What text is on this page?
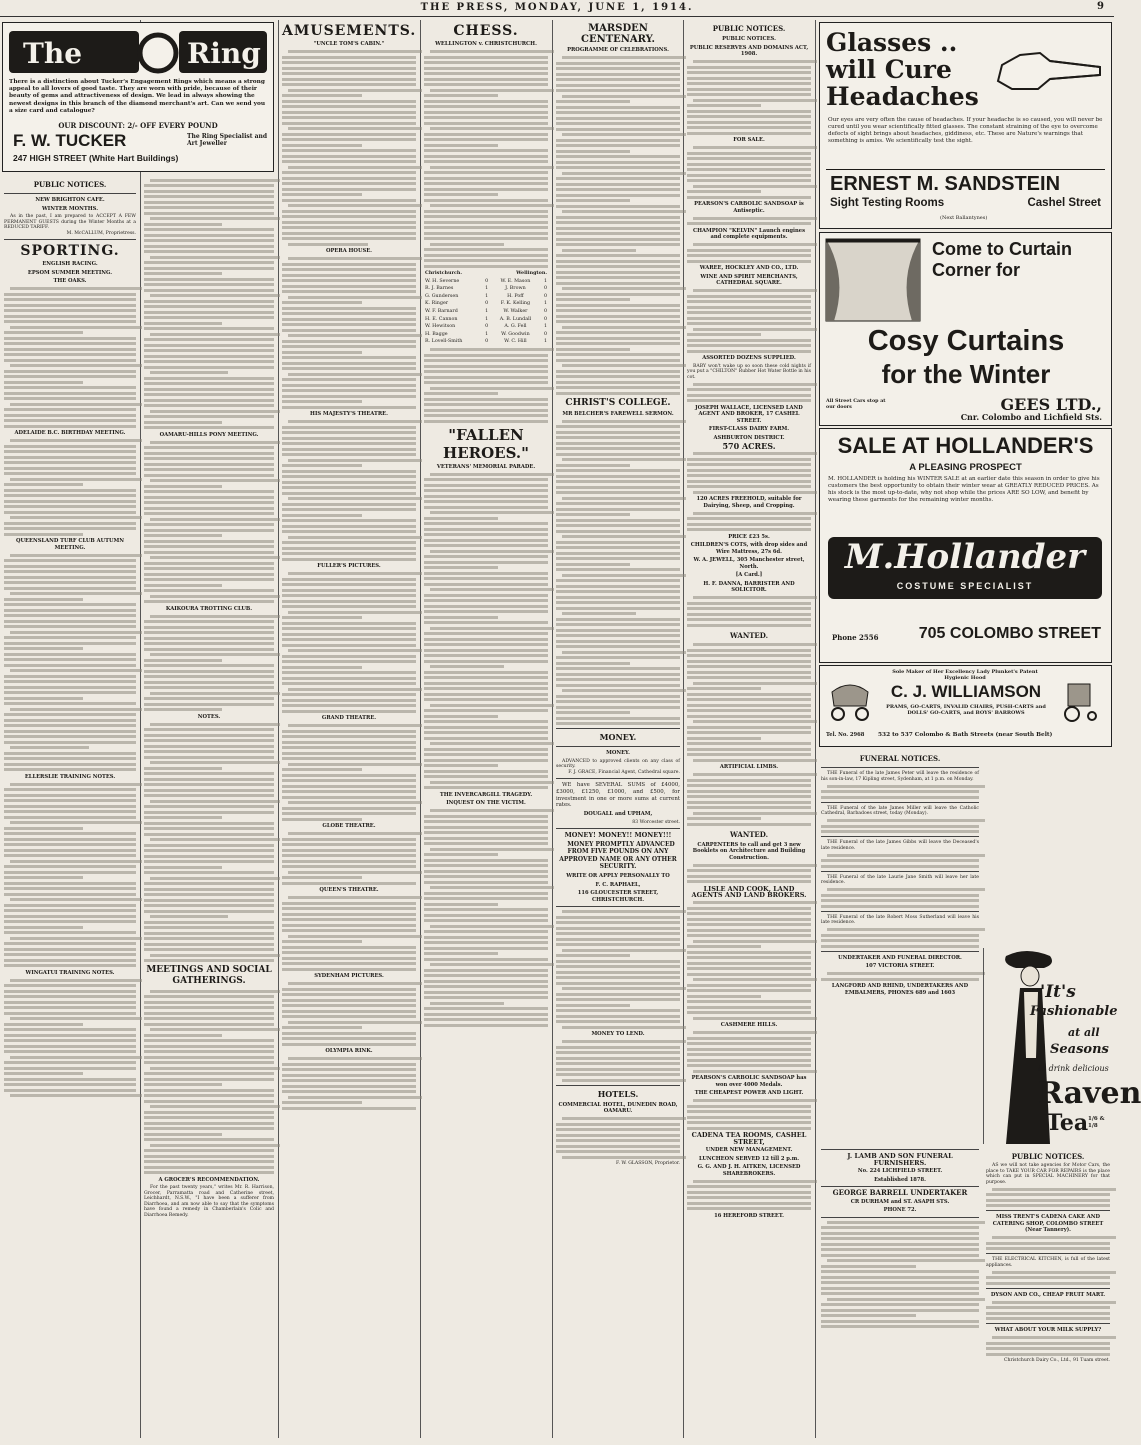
THE PRESS, MONDAY, JUNE 1, 1914.	9
The	Ring
There is a distinction about Tucker's Engagement Rings which means a strong appeal to all lovers of good taste. They are worn with pride, because of their beauty of gems and attractiveness of design. We lead in always showing the newest designs in this branch of the diamond merchant's art. Can we send you a size card and catalogue?
OUR DISCOUNT: 2/- OFF EVERY POUND
F. W. TUCKER	The Ring Specialist and Art Jeweller
247 HIGH STREET (White Hart Buildings)
PUBLIC NOTICES.
NEW BRIGHTON CAFE.
WINTER MONTHS.

As in the past, I am prepared to ACCEPT A FEW PERMANENT GUESTS during the Winter Months at a REDUCED TARIFF.

M. McCALLUM, Proprietress.
SPORTING.
ENGLISH RACING.
EPSOM SUMMER MEETING.
THE OAKS.
ADELAIDE B.C. BIRTHDAY MEETING.
QUEENSLAND TURF CLUB AUTUMN MEETING.
ELLERSLIE TRAINING NOTES.
WINGATUI TRAINING NOTES.
OAMARU-HILLS PONY MEETING.
KAIKOURA TROTTING CLUB.
NOTES.
MEETINGS AND SOCIAL GATHERINGS.
A GROCER'S RECOMMENDATION.

For the past twenty years," writes Mr. R. Harrison, Grocer, Parramatta road and Catherine street, Leichhardt, N.S.W., "I have been a sufferer from Diarrhoea, and am now able to say that the symptoms have found a remedy in Chamberlain's Colic and Diarrhoea Remedy.

AMUSEMENTS.
"UNCLE TOM'S CABIN."
OPERA HOUSE.
HIS MAJESTY'S THEATRE.
FULLER'S PICTURES.
GRAND THEATRE.
GLOBE THEATRE.
QUEEN'S THEATRE.
SYDENHAM PICTURES.
OLYMPIA RINK.
CHESS.
WELLINGTON v. CHRISTCHURCH.
Christchurch.		Wellington.	
W. H. Severne	0	W. E. Mason	1
R. J. Barnes	1	J. Brown	0
G. Gundersen	1	H. Poff	0
K. Ringer	0	F. K. Kelling	1
W. F. Barnard	1	W. Walker	0
H. E. Cannon	1	A. B. Lundall	0
W. Hewitson	0	A. G. Fell	1
H. Bagge	1	W. Goodwin	0
R. Lovell-Smith	0	W. C. Hill	1
"FALLEN HEROES."
VETERANS' MEMORIAL PARADE.
THE INVERCARGILL TRAGEDY.
INQUEST ON THE VICTIM.
MARSDEN CENTENARY.
PROGRAMME OF CELEBRATIONS.
CHRIST'S COLLEGE.
MR BELCHER'S FAREWELL SERMON.
MONEY.
MONEY.

ADVANCED to approved clients on any class of security.

F. J. GRACE, Financial Agent, Cathedral square.

WE have SEVERAL SUMS of £4000, £3000, £1250, £1000, and £500, for investment in one or more sums at current rates.

DOUGALL and UPHAM,
83 Worcester street.
MONEY! MONEY!! MONEY!!!

MONEY PROMPTLY ADVANCED FROM FIVE POUNDS ON ANY APPROVED NAME OR ANY OTHER SECURITY.

WRITE OR APPLY PERSONALLY TO
F. C. RAPHAEL,
116 GLOUCESTER STREET, CHRISTCHURCH.
MONEY TO LEND.
HOTELS.
COMMERCIAL HOTEL, DUNEDIN ROAD, OAMARU.
F. W. GLASSON, Proprietor.
PUBLIC NOTICES.
PUBLIC NOTICES.
PUBLIC RESERVES AND DOMAINS ACT, 1908.
FOR SALE.
PEARSON'S CARBOLIC SANDSOAP is Antiseptic.
CHAMPION "KELVIN" Launch engines and complete equipments.
WAREE, HOCKLEY AND CO., LTD.
WINE AND SPIRIT MERCHANTS, CATHEDRAL SQUARE.
ASSORTED DOZENS SUPPLIED.

BABY won't wake up so soon these cold nights if you put a "CHILTON" Rubber Hot Water Bottle in his cot.

JOSEPH WALLACE, LICENSED LAND AGENT AND BROKER, 17 CASHEL STREET.
FIRST-CLASS DAIRY FARM.
ASHBURTON DISTRICT.
570 ACRES.
120 ACRES FREEHOLD, suitable for Dairying, Sheep, and Cropping.
PRICE £23 5s.
CHILDREN'S COTS, with drop sides and Wire Mattress, 27s 6d.
W. A. JEWELL, 305 Manchester street, North.
[A Card.]
H. F. DANNA, BARRISTER AND SOLICITOR.
WANTED.
ARTIFICIAL LIMBS.
WANTED.
CARPENTERS to call and get 3 new Booklets on Architecture and Building Construction.
LISLE AND COOK, LAND AGENTS AND LAND BROKERS.
CASHMERE HILLS.
PEARSON'S CARBOLIC SANDSOAP has won over 4000 Medals.
THE CHEAPEST POWER AND LIGHT.
CADENA TEA ROOMS, CASHEL STREET,
UNDER NEW MANAGEMENT.
LUNCHEON SERVED 12 till 2 p.m.
G. G. AND J. H. AITKEN, LICENSED SHAREBROKERS.
16 HEREFORD STREET.
Glasses .. will Cure Headaches
Our eyes are very often the cause of headaches. If your headache is so caused, you will never be cured until you wear scientifically fitted glasses. The constant straining of the eye to overcome defects of sight brings about headaches, giddiness, etc. These are Nature's warnings that something is amiss. We scientifically test the sight.
ERNEST M. SANDSTEIN
Sight Testing Rooms	Cashel Street
(Next Ballantynes)
Come to Curtain Corner for
Cosy Curtains
for the Winter
GEES LTD.,
All Street Cars stop at our doors
Cnr. Colombo and Lichfield Sts.
SALE AT HOLLANDER'S
A PLEASING PROSPECT
M. HOLLANDER is holding his WINTER SALE at an earlier date this season in order to give his customers the best opportunity to obtain their winter wear at GREATLY REDUCED PRICES. As his stock is the most up-to-date, why not shop while the prices ARE SO LOW, and benefit by wearing these garments for the remaining winter months.
M.Hollander
COSTUME SPECIALIST
Phone 2556	705 COLOMBO STREET
Sole Maker of Her Excellency Lady Plunket's Patent Hygienic Hood
C. J. WILLIAMSON
PRAMS, GO-CARTS, INVALID CHAIRS, PUSH-CARTS and DOLLS' GO-CARTS, and BOYS' BARROWS
Tel. No. 2968 532 to 537 Colombo & Bath Streets (near South Belt)
FUNERAL NOTICES.

THE Funeral of the late James Peter will leave the residence of his son-in-law, 17 Kipling street, Sydenham, at 1 p.m. on Monday.

THE Funeral of the late James Miller will leave the Catholic Cathedral, Barbadoes street, today (Monday).

THE Funeral of the late James Gibbs will leave the Deceased's late residence.

THE Funeral of the late Laurie Jane Smith will leave her late residence.

THE Funeral of the late Robert Moss Sutherland will leave his late residence.

UNDERTAKER AND FUNERAL DIRECTOR.
107 VICTORIA STREET.
LANGFORD AND RHIND, UNDERTAKERS AND EMBALMERS, PHONES 689 and 1603	'It's
Fashionable
at all
Seasons
to drink delicious
Raven
Tea 1/6 & 1/8
J. LAMB AND SON FUNERAL FURNISHERS.
No. 224 LICHFIELD STREET.
Established 1878.
GEORGE BARRELL UNDERTAKER
CR DURHAM and ST. ASAPH STS.
PHONE 72.
PUBLIC NOTICES.

AS we will not take agencies for Motor Cars, the place to TAKE YOUR CAR FOR REPAIRS is the place which can put in SPECIAL MACHINERY for that purpose.

MISS TRENT'S CADENA CAKE AND CATERING SHOP, COLOMBO STREET (Near Tannery).

THE ELECTRICAL KITCHEN, is full of the latest appliances.

DYSON AND CO., CHEAP FRUIT MART.
WHAT ABOUT YOUR MILK SUPPLY?
Christchurch Dairy Co., Ltd., 91 Tuam street.
